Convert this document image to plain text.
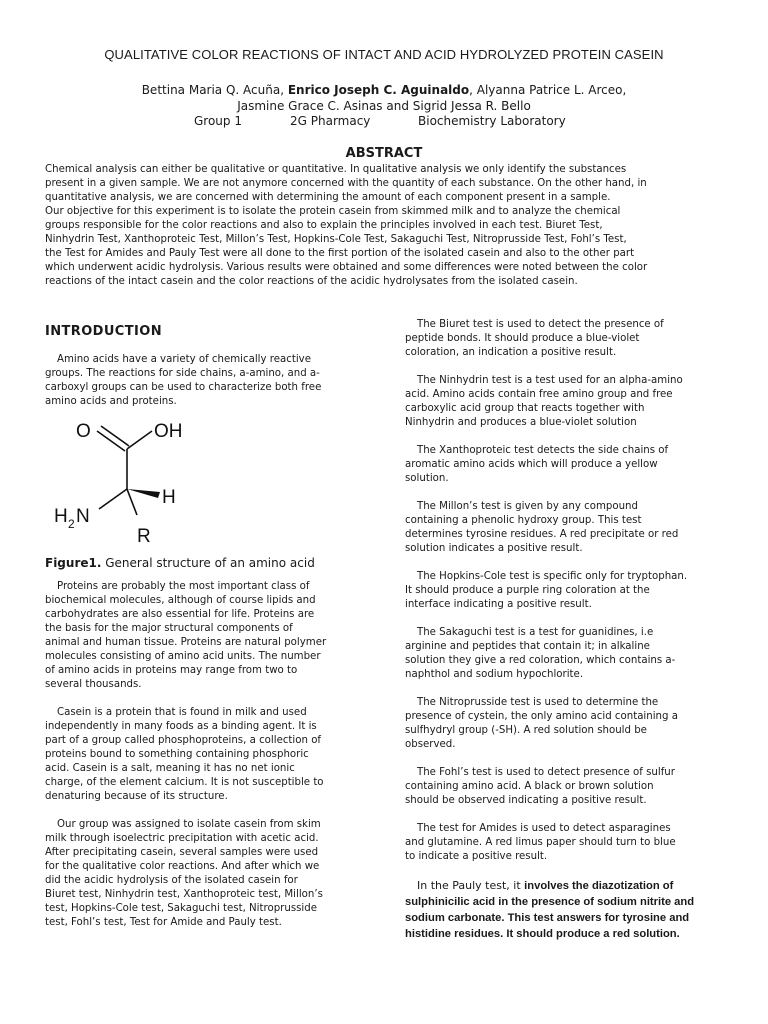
QUALITATIVE COLOR REACTIONS OF INTACT AND ACID HYDROLYZED PROTEIN CASEIN
Bettina Maria Q. Acuña, Enrico Joseph C. Aguinaldo, Alyanna Patrice L. Arceo,
Jasmine Grace C. Asinas and Sigrid Jessa R. Bello
Group 1	2G Pharmacy	Biochemistry Laboratory
ABSTRACT
Chemical analysis can either be qualitative or quantitative. In qualitative analysis we only identify the substances
present in a given sample. We are not anymore concerned with the quantity of each substance. On the other hand, in
quantitative analysis, we are concerned with determining the amount of each component present in a sample.
Our objective for this experiment is to isolate the protein casein from skimmed milk and to analyze the chemical
groups responsible for the color reactions and also to explain the principles involved in each test. Biuret Test,
Ninhydrin Test, Xanthoproteic Test, Millon’s Test, Hopkins-Cole Test, Sakaguchi Test, Nitroprusside Test, Fohl’s Test,
the Test for Amides and Pauly Test were all done to the first portion of the isolated casein and also to the other part
which underwent acidic hydrolysis. Various results were obtained and some differences were noted between the color
reactions of the intact casein and the color reactions of the acidic hydrolysates from the isolated casein.
INTRODUCTION
Amino acids have a variety of chemically reactive
groups. The reactions for side chains, a-amino, and a-
carboxyl groups can be used to characterize both free
amino acids and proteins.
O	OH
H
H 2 N
R
Figure1. General structure of an amino acid
Proteins are probably the most important class of
biochemical molecules, although of course lipids and
carbohydrates are also essential for life. Proteins are
the basis for the major structural components of
animal and human tissue. Proteins are natural polymer
molecules consisting of amino acid units. The number
of amino acids in proteins may range from two to
several thousands.
Casein is a protein that is found in milk and used
independently in many foods as a binding agent. It is
part of a group called phosphoproteins, a collection of
proteins bound to something containing phosphoric
acid. Casein is a salt, meaning it has no net ionic
charge, of the element calcium. It is not susceptible to
denaturing because of its structure.
Our group was assigned to isolate casein from skim
milk through isoelectric precipitation with acetic acid.
After precipitating casein, several samples were used
for the qualitative color reactions. And after which we
did the acidic hydrolysis of the isolated casein for
Biuret test, Ninhydrin test, Xanthoproteic test, Millon’s
test, Hopkins-Cole test, Sakaguchi test, Nitroprusside
test, Fohl’s test, Test for Amide and Pauly test.
The Biuret test is used to detect the presence of
peptide bonds. It should produce a blue-violet
coloration, an indication a positive result.
The Ninhydrin test is a test used for an alpha-amino
acid. Amino acids contain free amino group and free
carboxylic acid group that reacts together with
Ninhydrin and produces a blue-violet solution
The Xanthoproteic test detects the side chains of
aromatic amino acids which will produce a yellow
solution.
The Millon’s test is given by any compound
containing a phenolic hydroxy group. This test
determines tyrosine residues. A red precipitate or red
solution indicates a positive result.
The Hopkins-Cole test is specific only for tryptophan.
It should produce a purple ring coloration at the
interface indicating a positive result.
The Sakaguchi test is a test for guanidines, i.e
arginine and peptides that contain it; in alkaline
solution they give a red coloration, which contains a-
naphthol and sodium hypochlorite.
The Nitroprusside test is used to determine the
presence of cystein, the only amino acid containing a
sulfhydryl group (-SH). A red solution should be
observed.
The Fohl’s test is used to detect presence of sulfur
containing amino acid. A black or brown solution
should be observed indicating a positive result.
The test for Amides is used to detect asparagines
and glutamine. A red limus paper should turn to blue
to indicate a positive result.
In the Pauly test, it involves the diazotization of
sulphinicilic acid in the presence of sodium nitrite and
sodium carbonate. This test answers for tyrosine and
histidine residues. It should produce a red solution.
